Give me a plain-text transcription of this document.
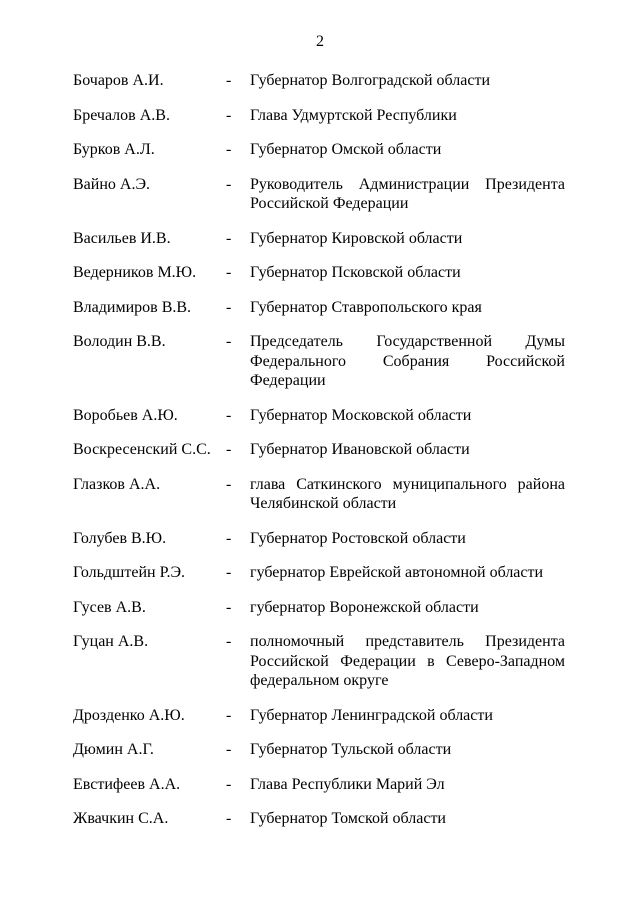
2
Бочаров А.И.	- Губернатор Волгоградской области
Бречалов А.В.	- Глава Удмуртской Республики
Бурков А.Л.	- Губернатор Омской области
Вайно А.Э.	- Руководитель Администрации Президента Российской Федерации
Васильев И.В.	- Губернатор Кировской области
Ведерников М.Ю. - Губернатор Псковской области
Владимиров В.В. - Губернатор Ставропольского края
Володин В.В.	- Председатель Государственной Думы Федерального Собрания Российской Федерации
Воробьев А.Ю.	- Губернатор Московской области
Воскресенский С.С. - Губернатор Ивановской области
Глазков А.А.	- глава Саткинского муниципального района Челябинской области
Голубев В.Ю.	- Губернатор Ростовской области
Гольдштейн Р.Э.	- губернатор Еврейской автономной области
Гусев А.В.	- губернатор Воронежской области
Гуцан А.В.	- полномочный представитель Президента Российской Федерации в Северо-Западном федеральном округе
Дрозденко А.Ю.	- Губернатор Ленинградской области
Дюмин А.Г.	- Губернатор Тульской области
Евстифеев А.А.	- Глава Республики Марий Эл
Жвачкин С.А.	- Губернатор Томской области
